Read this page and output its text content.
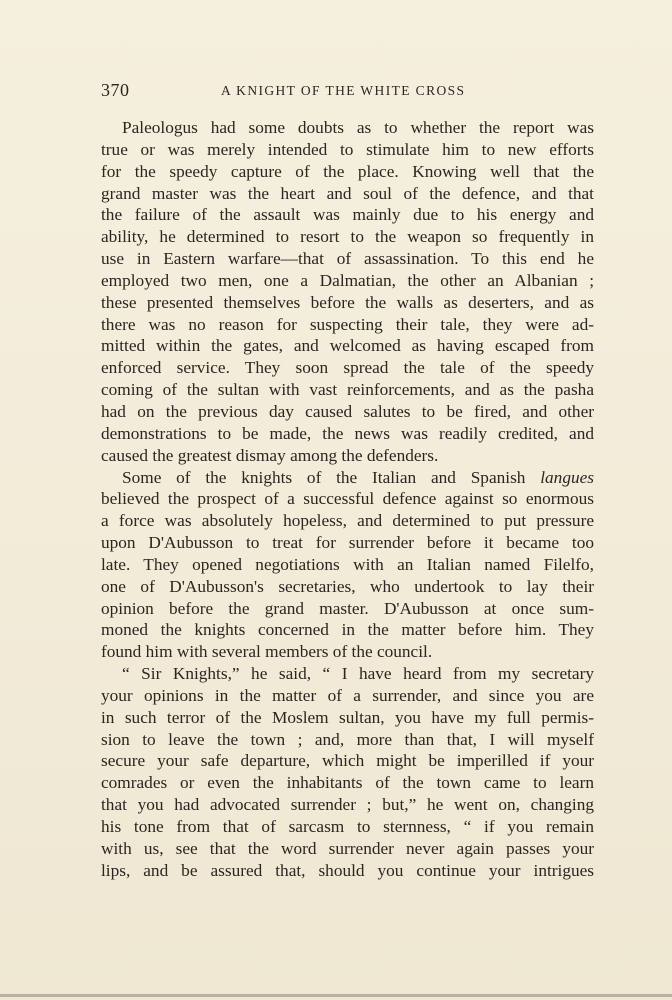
370	A KNIGHT OF THE WHITE CROSS
Paleologus had some doubts as to whether the report was
true or was merely intended to stimulate him to new efforts
for the speedy capture of the place. Knowing well that the
grand master was the heart and soul of the defence, and that
the failure of the assault was mainly due to his energy and
ability, he determined to resort to the weapon so frequently in
use in Eastern warfare—that of assassination. To this end he
employed two men, one a Dalmatian, the other an Albanian ;
these presented themselves before the walls as deserters, and as
there was no reason for suspecting their tale, they were ad-
mitted within the gates, and welcomed as having escaped from
enforced service. They soon spread the tale of the speedy
coming of the sultan with vast reinforcements, and as the pasha
had on the previous day caused salutes to be fired, and other
demonstrations to be made, the news was readily credited, and
caused the greatest dismay among the defenders.
Some of the knights of the Italian and Spanish langues
believed the prospect of a successful defence against so enormous
a force was absolutely hopeless, and determined to put pressure
upon D'Aubusson to treat for surrender before it became too
late. They opened negotiations with an Italian named Filelfo,
one of D'Aubusson's secretaries, who undertook to lay their
opinion before the grand master. D'Aubusson at once sum-
moned the knights concerned in the matter before him. They
found him with several members of the council.
“ Sir Knights,” he said, “ I have heard from my secretary
your opinions in the matter of a surrender, and since you are
in such terror of the Moslem sultan, you have my full permis-
sion to leave the town ; and, more than that, I will myself
secure your safe departure, which might be imperilled if your
comrades or even the inhabitants of the town came to learn
that you had advocated surrender ; but,” he went on, changing
his tone from that of sarcasm to sternness, “ if you remain
with us, see that the word surrender never again passes your
lips, and be assured that, should you continue your intrigues
